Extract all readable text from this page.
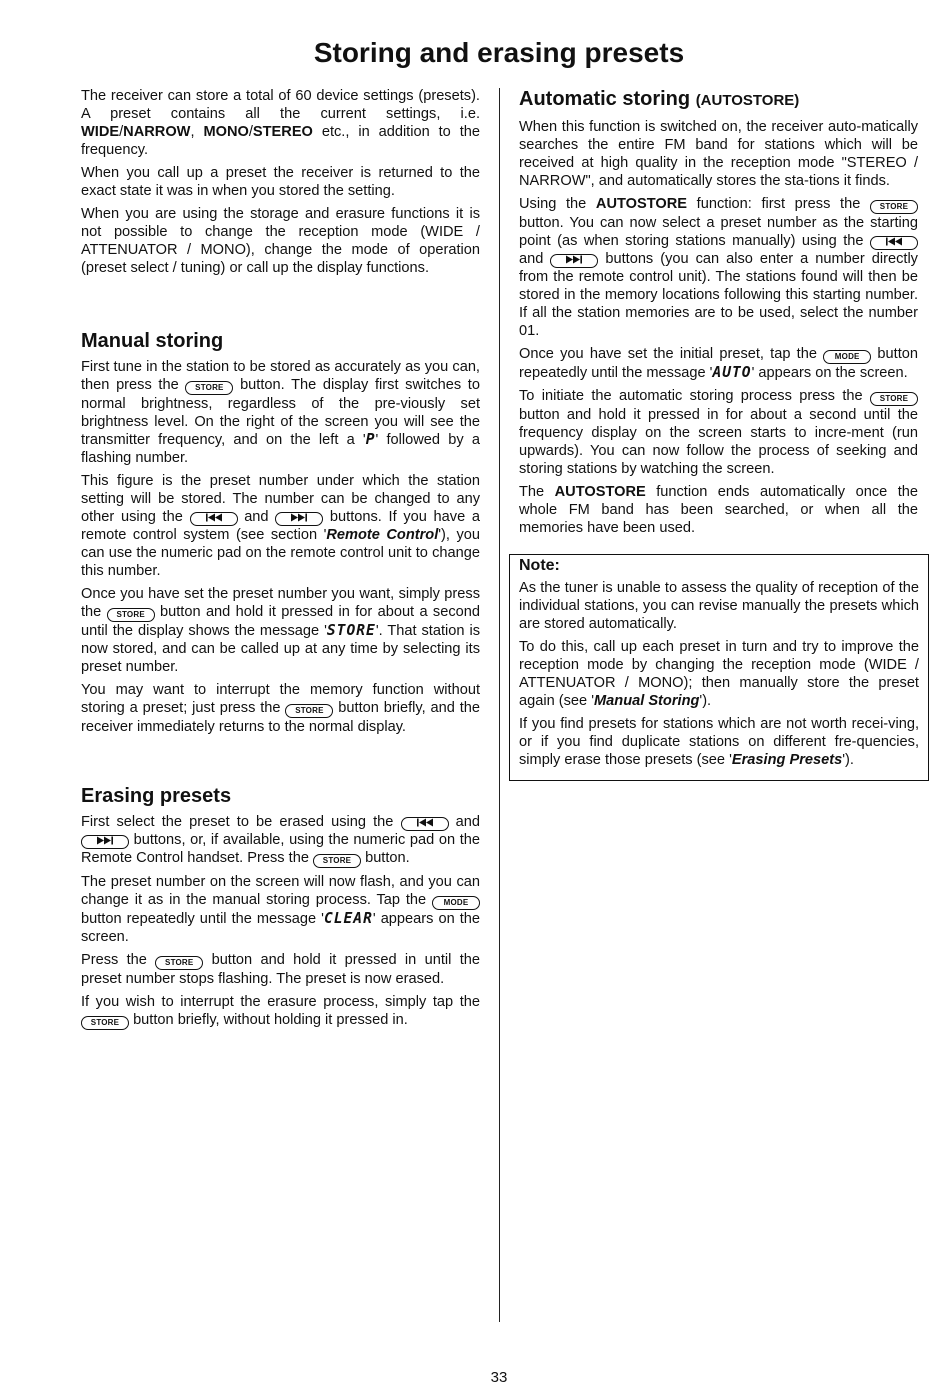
Storing and erasing presets

The receiver can store a total of 60 device settings (presets). A preset contains all the current settings, i.e. WIDE/NARROW, MONO/STEREO etc., in addition to the frequency.

When you call up a preset the receiver is returned to the exact state it was in when you stored the setting.

When you are using the storage and erasure functions it is not possible to change the reception mode (WIDE / ATTENUATOR / MONO), change the mode of operation (preset select / tuning) or call up the display functions.

Manual storing

First tune in the station to be stored as accurately as you can, then press the STORE button. The display first switches to normal brightness, regardless of the pre-viously set brightness level. On the right of the screen you will see the transmitter frequency, and on the left a 'P' followed by a flashing number.

This figure is the preset number under which the station setting will be stored. The number can be changed to any other using the	and	buttons. If you have a remote control system (see section 'Remote Control'), you can use the numeric pad on the remote control unit to change this number.

Once you have set the preset number you want, simply press the STORE button and hold it pressed in for about a second until the display shows the message 'STORE'. That station is now stored, and can be called up at any time by selecting its preset number.

You may want to interrupt the memory function without storing a preset; just press the STORE button briefly, and the receiver immediately returns to the normal display.

Erasing presets

First select the preset to be erased using the	and  buttons, or, if available, using the numeric pad on the Remote Control handset. Press the STORE button.

The preset number on the screen will now flash, and you can change it as in the manual storing process. Tap the MODE button repeatedly until the message 'CLEAR' appears on the screen.

Press the STORE button and hold it pressed in until the preset number stops flashing. The preset is now erased.

If you wish to interrupt the erasure process, simply tap the STORE button briefly, without holding it pressed in.

Automatic storing (AUTOSTORE)

When this function is switched on, the receiver auto-matically searches the entire FM band for stations which will be received at high quality in the reception mode "STEREO / NARROW", and automatically stores the sta-tions it finds.

Using the AUTOSTORE function: first press the STORE button. You can now select a preset number as the starting point (as when storing stations manually) using the  and	buttons (you can also enter a number directly from the remote control unit). The stations found will then be stored in the memory locations following this starting number. If all the station memories are to be used, select the number 01.

Once you have set the initial preset, tap the MODE button repeatedly until the message 'AUTO' appears on the screen.

To initiate the automatic storing process press the STORE button and hold it pressed in for about a second until the frequency display on the screen starts to incre-ment (run upwards). You can now follow the process of seeking and storing stations by watching the screen.

The AUTOSTORE function ends automatically once the whole FM band has been searched, or when all the memories have been used.

Note:

As the tuner is unable to assess the quality of reception of the individual stations, you can revise manually the presets which are stored automatically.

To do this, call up each preset in turn and try to improve the reception mode by changing the reception mode (WIDE / ATTENUATOR / MONO); then manually store the preset again (see 'Manual Storing').

If you find presets for stations which are not worth recei-ving, or if you find duplicate stations on different fre-quencies, simply erase those presets (see 'Erasing Presets').

33
